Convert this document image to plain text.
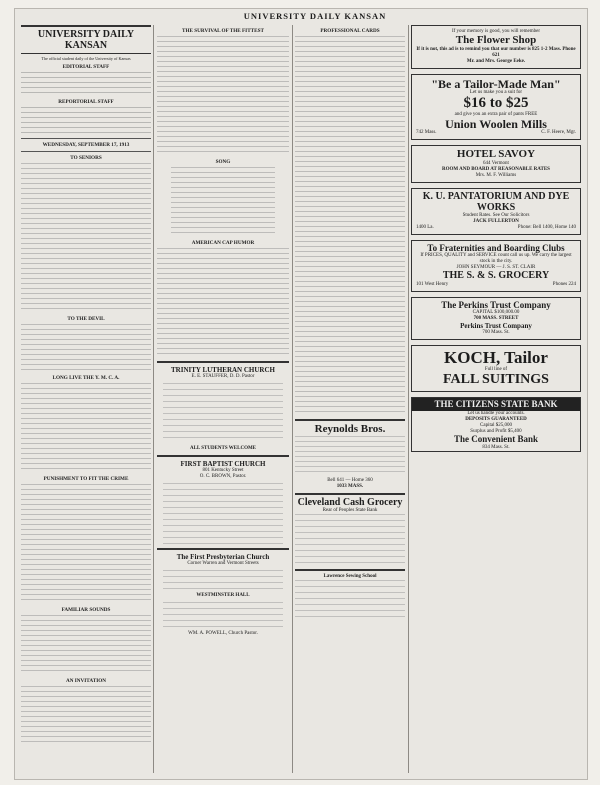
UNIVERSITY DAILY KANSAN
UNIVERSITY DAILY KANSAN
The official student daily of the University of Kansas
EDITORIAL STAFF
REPORTORIAL STAFF
WEDNESDAY, SEPTEMBER 17, 1913
TO SENIORS
TO THE DEVIL
LONG LIVE THE Y. M. C. A.
PUNISHMENT TO FIT THE CRIME
FAMILIAR SOUNDS
AN INVITATION
THE SURVIVAL OF THE FITTEST
SONG
AMERICAN CAP HUMOR
TRINITY LUTHERAN CHURCH
E. E. STAUFFER, D. D. Pastor
ALL STUDENTS WELCOME
FIRST BAPTIST CHURCH
801 Kentucky Street
O. C. BROWN, Pastor.
The First Presbyterian Church
Corner Warren and Vermont Streets
WESTMINSTER HALL
WM. A. POWELL, Church Pastor.
PROFESSIONAL CARDS
Reynolds Bros.
Bell 641 — Home 360
1033 MASS.
Cleveland Cash Grocery
Rear of Peoples State Bank
Lawrence Sewing School
If your memory is good, you will remember
The Flower Shop
If it is not, this ad is to remind you that our number is 825 1-2 Mass. Phone 621
Mr. and Mrs. George Eeke.
"Be a Tailor-Made Man"
Let us make you a suit for
$16 to $25
and give you an extra pair of pants FREE
Union Woolen Mills
742 Mass.	C. F. Heere, Mgr.
HOTEL SAVOY
644 Vermont
ROOM AND BOARD AT REASONABLE RATES
Mrs. M. F. Williams
K. U. PANTATORIUM AND DYE WORKS
Student Rates. See Our Solicitors
JACK FULLERTON
1400 La.	Phone: Bell 1400, Home 140
To Fraternities and Boarding Clubs
If PRICES, QUALITY and SERVICE count call us up. We carry the largest stock in the city.
JOHN SEYMOUR — J. S. ST. CLAIR
THE S. & S. GROCERY
101 West Henry	Phones 224
The Perkins Trust Company
CAPITAL $100,000.00
700 MASS. STREET
Perkins Trust Company
700 Mass. St.
KOCH, Tailor
Full line of
FALL SUITINGS
THE CITIZENS STATE BANK
Let us handle your accounts.
DEPOSITS GUARANTEED
Capital $25,000
Surplus and Profit $5,400
The Convenient Bank
834 Mass. St.
